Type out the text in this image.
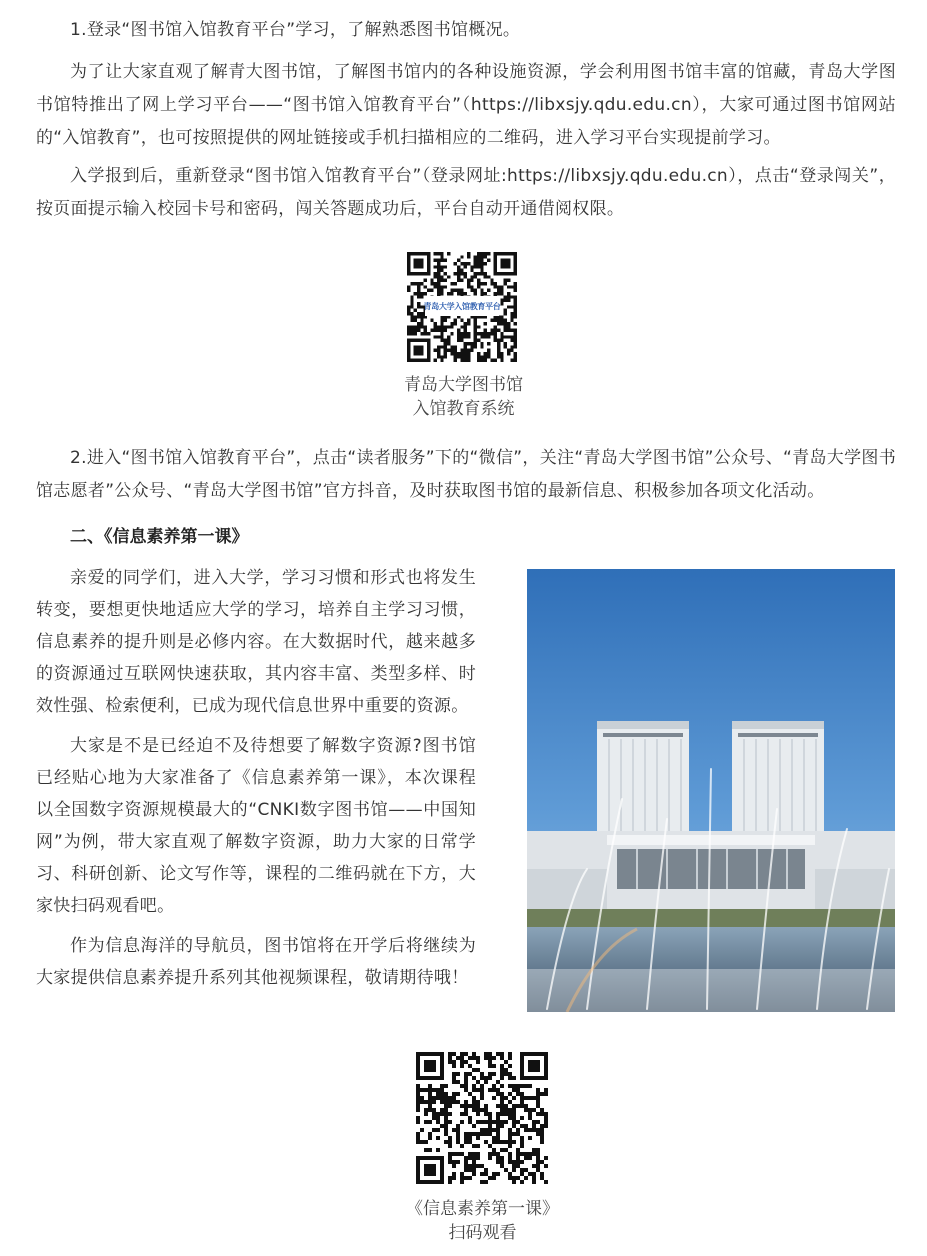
1.登录“图书馆入馆教育平台”学习，了解熟悉图书馆概况。

为了让大家直观了解青大图书馆，了解图书馆内的各种设施资源，学会利用图书馆丰富的馆藏，青岛大学图书馆特推出了网上学习平台——“图书馆入馆教育平台”（https://libxsjy.qdu.edu.cn），大家可通过图书馆网站的“入馆教育”，也可按照提供的网址链接或手机扫描相应的二维码，进入学习平台实现提前学习。

入学报到后，重新登录“图书馆入馆教育平台”（登录网址:https://libxsjy.qdu.edu.cn），点击“登录闯关”，按页面提示输入校园卡号和密码，闯关答题成功后，平台自动开通借阅权限。

青岛大学入馆教育平台
青岛大学图书馆
入馆教育系统

2.进入“图书馆入馆教育平台”，点击“读者服务”下的“微信”，关注“青岛大学图书馆”公众号、“青岛大学图书馆志愿者”公众号、“青岛大学图书馆”官方抖音，及时获取图书馆的最新信息、积极参加各项文化活动。

二、《信息素养第一课》

亲爱的同学们，进入大学，学习习惯和形式也将发生转变，要想更快地适应大学的学习，培养自主学习习惯，信息素养的提升则是必修内容。在大数据时代，越来越多的资源通过互联网快速获取，其内容丰富、类型多样、时效性强、检索便利，已成为现代信息世界中重要的资源。

大家是不是已经迫不及待想要了解数字资源?图书馆已经贴心地为大家准备了《信息素养第一课》，本次课程以全国数字资源规模最大的“CNKI数字图书馆——中国知网”为例，带大家直观了解数字资源，助力大家的日常学习、科研创新、论文写作等，课程的二维码就在下方，大家快扫码观看吧。

作为信息海洋的导航员，图书馆将在开学后将继续为大家提供信息素养提升系列其他视频课程，敬请期待哦！

《信息素养第一课》
扫码观看
